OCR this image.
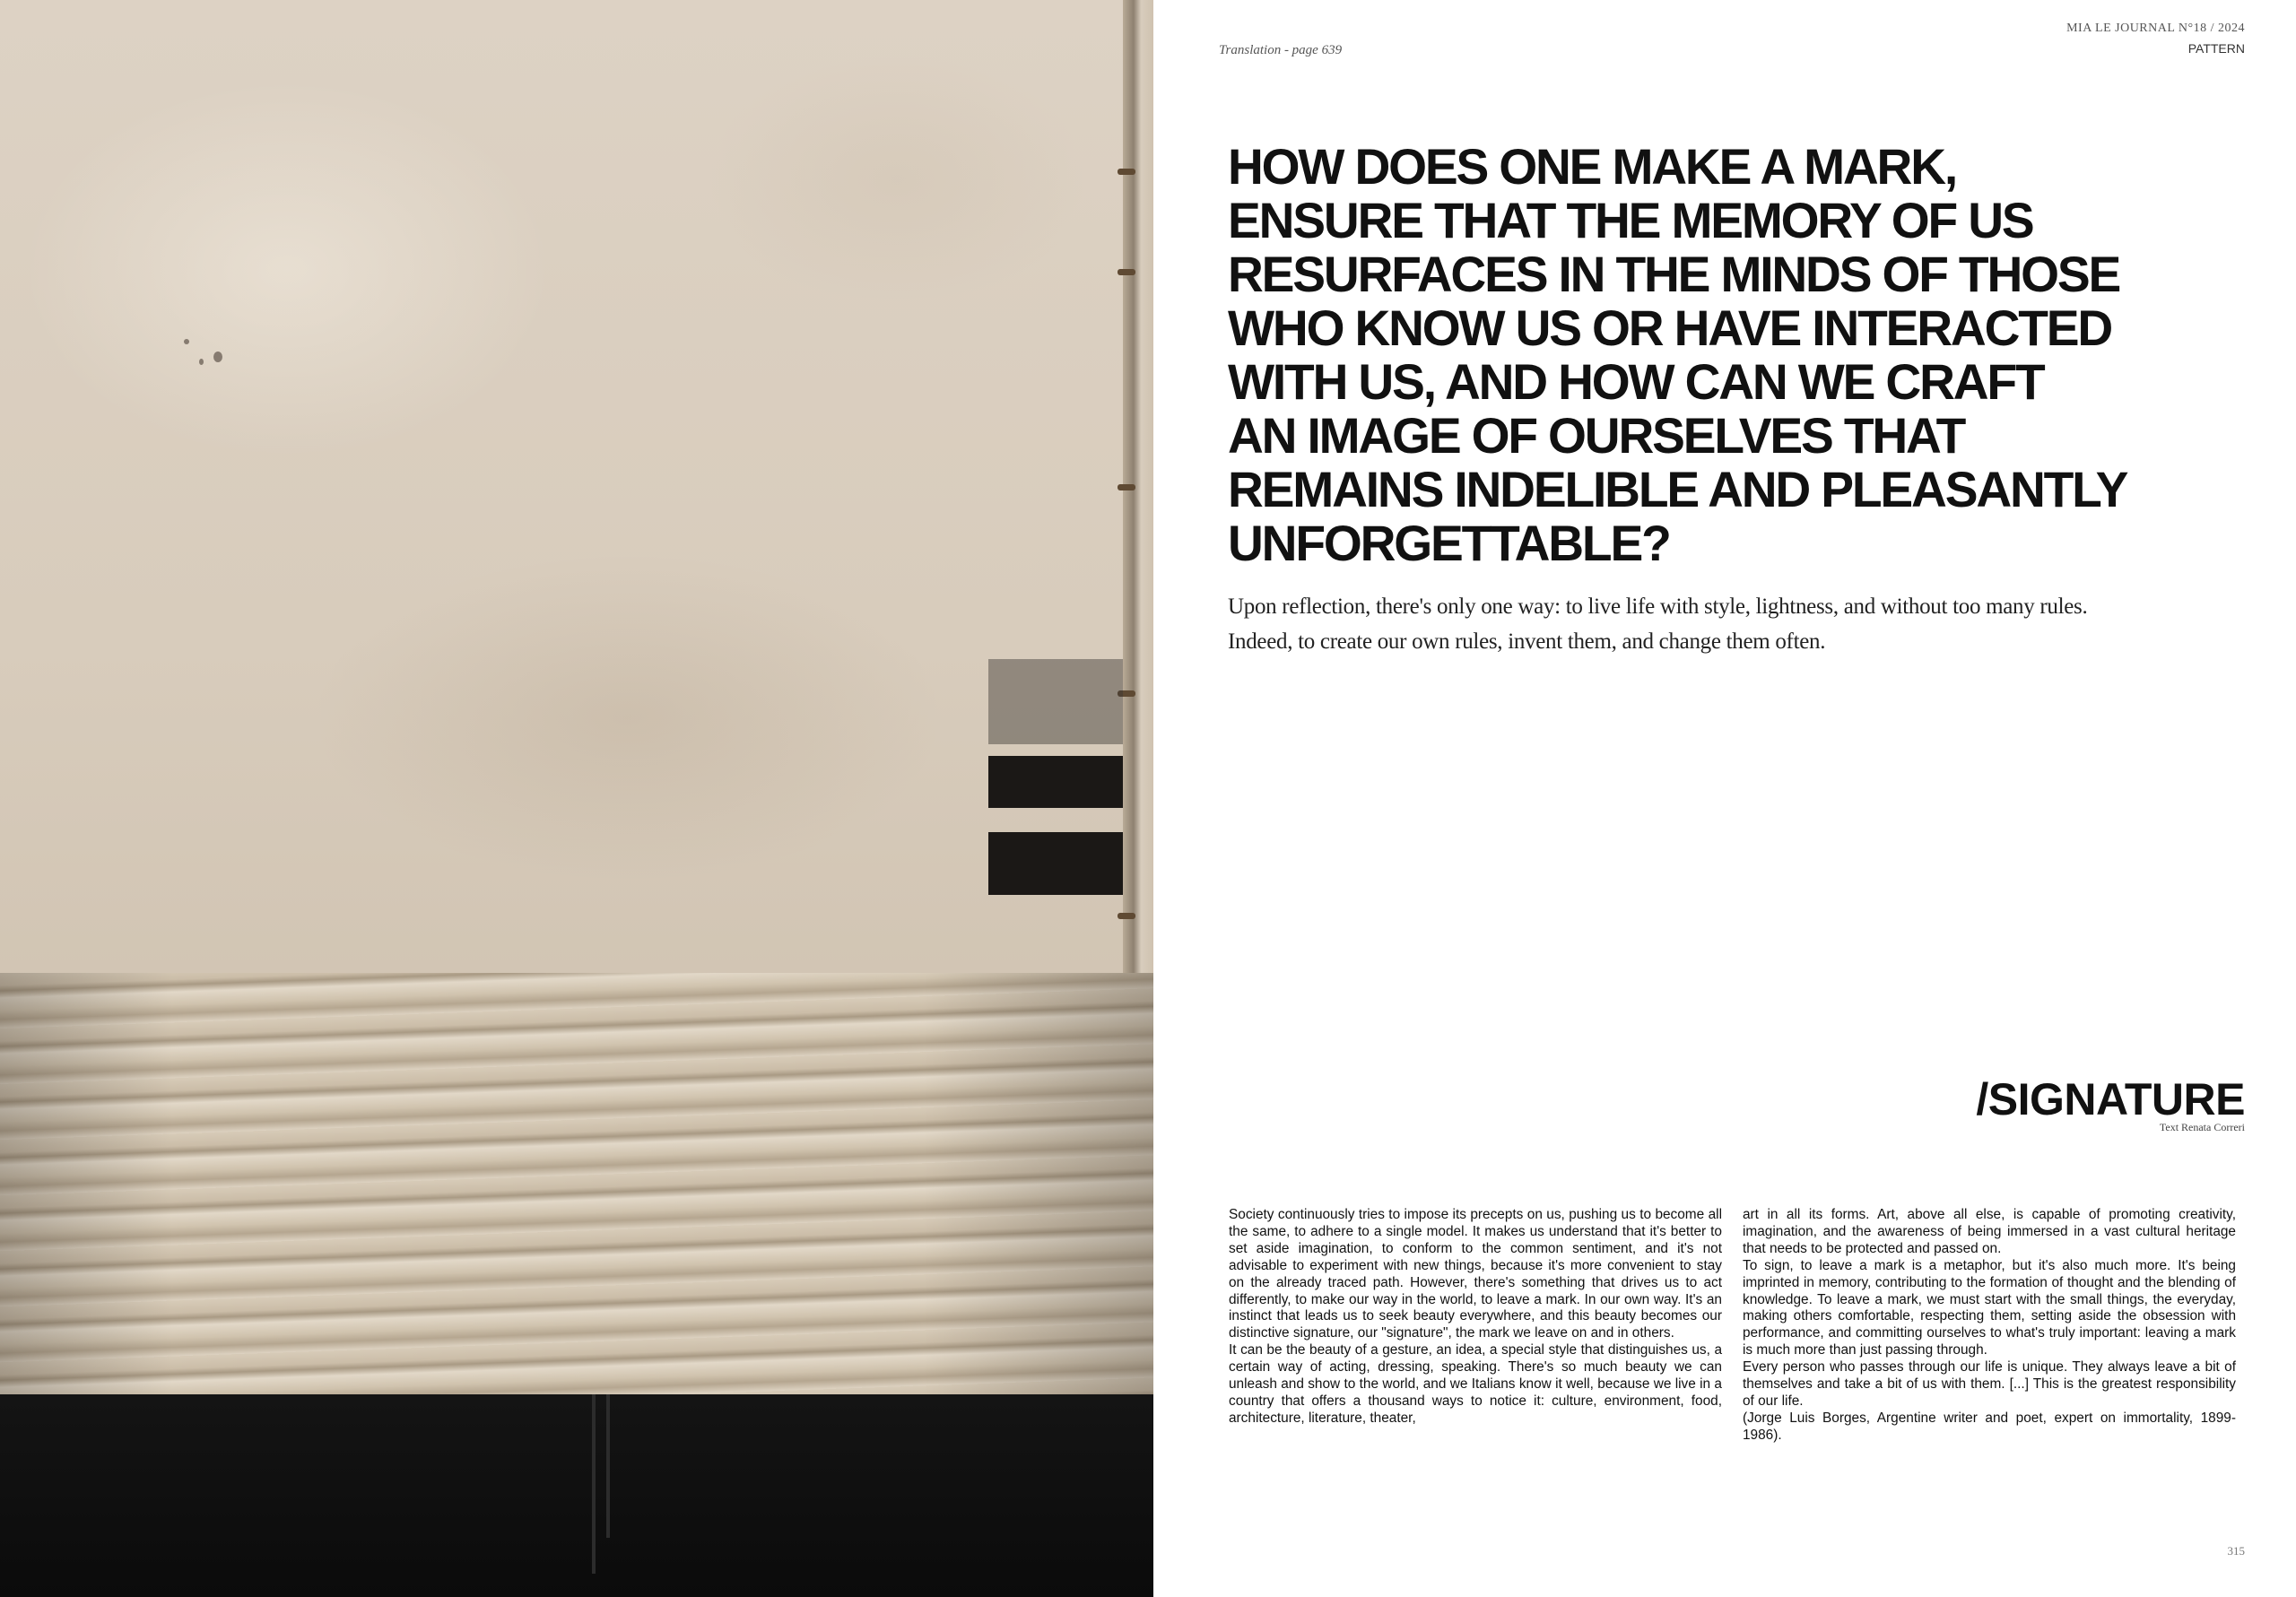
Translation - page 639
MIA LE JOURNAL N°18 / 2024
PATTERN
HOW DOES ONE MAKE A MARK,
ENSURE THAT THE MEMORY OF US
RESURFACES IN THE MINDS OF THOSE
WHO KNOW US OR HAVE INTERACTED
WITH US, AND HOW CAN WE CRAFT
AN IMAGE OF OURSELVES THAT
REMAINS INDELIBLE AND PLEASANTLY
UNFORGETTABLE?
Upon reflection, there's only one way: to live life with style, lightness, and without too many rules.
Indeed, to create our own rules, invent them, and change them often.
/SIGNATURE
Text Renata Correri

Society continuously tries to impose its precepts on us, pushing us to become all the same, to adhere to a single model. It makes us understand that it's better to set aside imagination, to conform to the common sentiment, and it's not advisable to experiment with new things, because it's more convenient to stay on the already traced path. However, there's something that drives us to act differently, to make our way in the world, to leave a mark. In our own way. It's an instinct that leads us to seek beauty everywhere, and this beauty becomes our distinctive signature, our "signature", the mark we leave on and in others.

It can be the beauty of a gesture, an idea, a special style that distinguishes us, a certain way of acting, dressing, speaking. There's so much beauty we can unleash and show to the world, and we Italians know it well, because we live in a country that offers a thousand ways to notice it: culture, environment, food, architecture, literature, theater,

art in all its forms. Art, above all else, is capable of promoting creativity, imagination, and the awareness of being immersed in a vast cultural heritage that needs to be protected and passed on.

To sign, to leave a mark is a metaphor, but it's also much more. It's being imprinted in memory, contributing to the formation of thought and the blending of knowledge. To leave a mark, we must start with the small things, the everyday, making others comfortable, respecting them, setting aside the obsession with performance, and committing ourselves to what's truly important: leaving a mark is much more than just passing through.

Every person who passes through our life is unique. They always leave a bit of themselves and take a bit of us with them. [...] This is the greatest responsibility of our life.

(Jorge Luis Borges, Argentine writer and poet, expert on immortality, 1899-1986).

315
